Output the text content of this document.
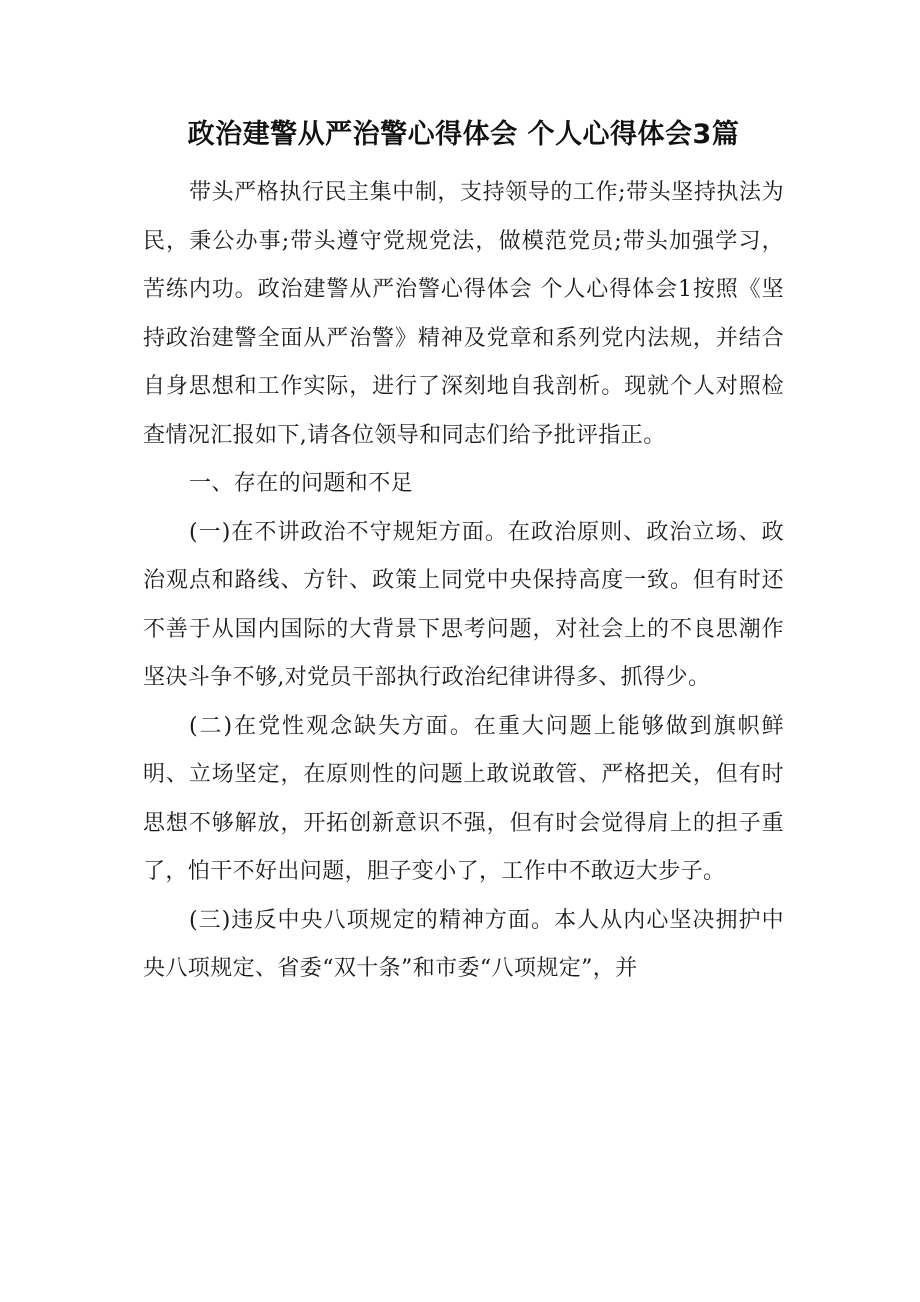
政治建警从严治警心得体会 个人心得体会3篇

带头严格执行民主集中制，支持领导的工作;带头坚持执法为民，秉公办事;带头遵守党规党法，做模范党员;带头加强学习，苦练内功。政治建警从严治警心得体会 个人心得体会1按照《坚持政治建警全面从严治警》精神及党章和系列党内法规，并结合自身思想和工作实际，进行了深刻地自我剖析。现就个人对照检查情况汇报如下,请各位领导和同志们给予批评指正。

一、存在的问题和不足

(一)在不讲政治不守规矩方面。在政治原则、政治立场、政治观点和路线、方针、政策上同党中央保持高度一致。但有时还不善于从国内国际的大背景下思考问题，对社会上的不良思潮作坚决斗争不够,对党员干部执行政治纪律讲得多、抓得少。

(二)在党性观念缺失方面。在重大问题上能够做到旗帜鲜明、立场坚定，在原则性的问题上敢说敢管、严格把关，但有时思想不够解放，开拓创新意识不强，但有时会觉得肩上的担子重了，怕干不好出问题，胆子变小了，工作中不敢迈大步子。

(三)违反中央八项规定的精神方面。本人从内心坚决拥护中央八项规定、省委“双十条”和市委“八项规定”，并
